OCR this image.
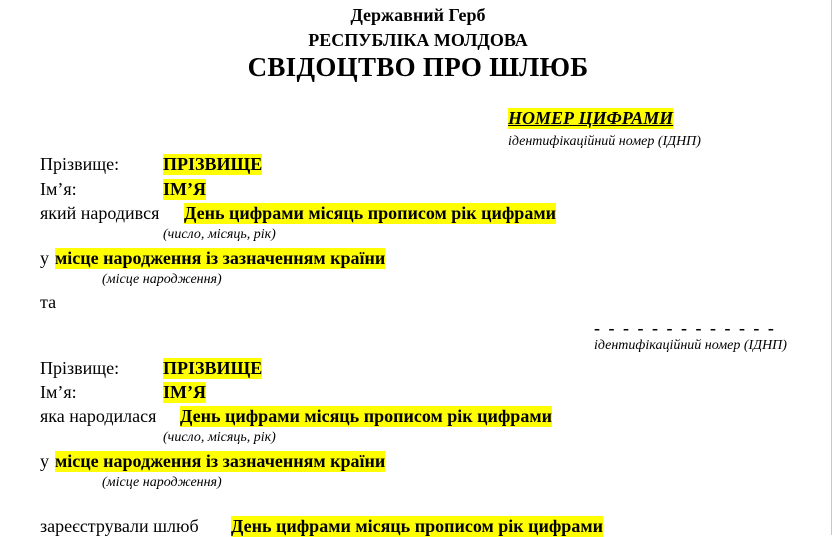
Державний Герб
РЕСПУБЛІКА МОЛДОВА
СВІДОЦТВО ПРО ШЛЮБ
НОМЕР ЦИФРАМИ
ідентифікаційний номер (ІДНП)
Прізвище: ПРІЗВИЩЕ
Ім’я:	ІМ’Я
який народився День цифрами місяць прописом рік цифрами
(число, місяць, рік)
у місце народження із зазначенням країни
(місце народження)
та
- - - - - - - - - - - - -
ідентифікаційний номер (ІДНП)
Прізвище: ПРІЗВИЩЕ
Ім’я:	ІМ’Я
яка народилася День цифрами місяць прописом рік цифрами
(число, місяць, рік)
у місце народження із зазначенням країни
(місце народження)
зареєстрували шлюб День цифрами місяць прописом рік цифрами
